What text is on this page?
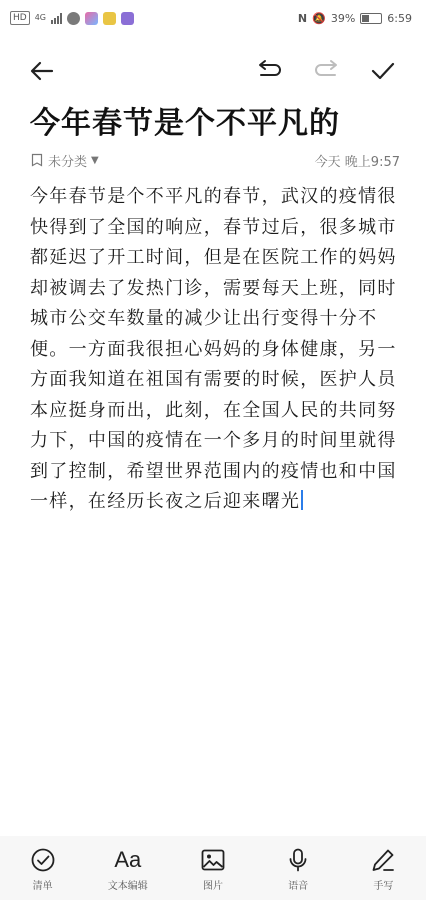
HD	4G	N 🔕 39%	6:59
今年春节是个不平凡的
未分类 ▼	今天 晚上9:57
今年春节是个不平凡的春节，武汉的疫情很快得到了全国的响应，春节过后，很多城市都延迟了开工时间，但是在医院工作的妈妈却被调去了发热门诊，需要每天上班，同时城市公交车数量的减少让出行变得十分不便。一方面我很担心妈妈的身体健康，另一方面我知道在祖国有需要的时候，医护人员本应挺身而出，此刻，在全国人民的共同努力下，中国的疫情在一个多月的时间里就得到了控制，希望世界范围内的疫情也和中国一样，在经历长夜之后迎来曙光
清单
Aa
文本编辑	图片	语音	手写
